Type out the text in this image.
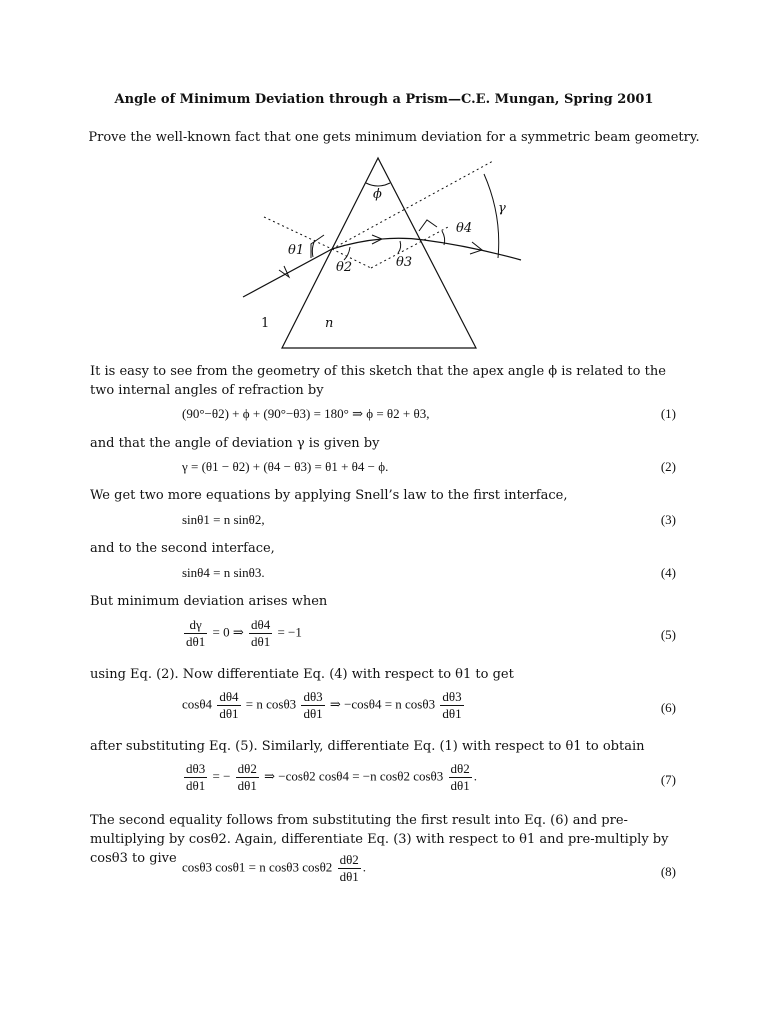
Angle of Minimum Deviation through a Prism—C.E. Mungan, Spring 2001
Prove the well-known fact that one gets minimum deviation for a symmetric beam geometry.
ϕ
γ
θ1
θ2	θ3
θ4
1	n
It is easy to see from the geometry of this sketch that the apex angle ϕ is related to the two internal angles of refraction by
(90°−θ2) + ϕ + (90°−θ3) = 180° ⇒ ϕ = θ2 + θ3,	(1)
and that the angle of deviation γ is given by
γ = (θ1 − θ2) + (θ4 − θ3) = θ1 + θ4 − ϕ.	(2)
We get two more equations by applying Snell’s law to the first interface,
sinθ1 = n sinθ2,	(3)
and to the second interface,
sinθ4 = n sinθ3.	(4)
But minimum deviation arises when
$\frac{d\gamma}{d\theta 1} = 0$ ⇒ $\frac{d\theta 4}{d\theta 1} = -1$	(5)
using Eq. (2). Now differentiate Eq. (4) with respect to θ1 to get
$\cos\theta 4 \frac{d\theta 4}{d\theta 1} = n$ $\cos\theta 3 \frac{d\theta 3}{d\theta 1}$ ⇒ −cosθ4 = n $\cos\theta 3 \frac{d\theta 3}{d\theta 1}$	(6)
after substituting Eq. (5). Similarly, differentiate Eq. (1) with respect to θ1 to obtain
$\frac{d\theta 3}{d\theta 1}$ = − $\frac{d\theta 2}{d\theta 1}$ ⇒ −cosθ2 cosθ4 = −n cosθ2 $\cos\theta 3 \frac{d\theta 2}{d\theta 1}$ .	(7)
The second equality follows from substituting the first result into Eq. (6) and pre-multiplying by cosθ2. Again, differentiate Eq. (3) with respect to θ1 and pre-multiply by cosθ3 to give
cosθ3 cosθ1 = n cosθ3 $\cos\theta 2 \frac{d\theta 2}{d\theta 1}$ .	(8)
